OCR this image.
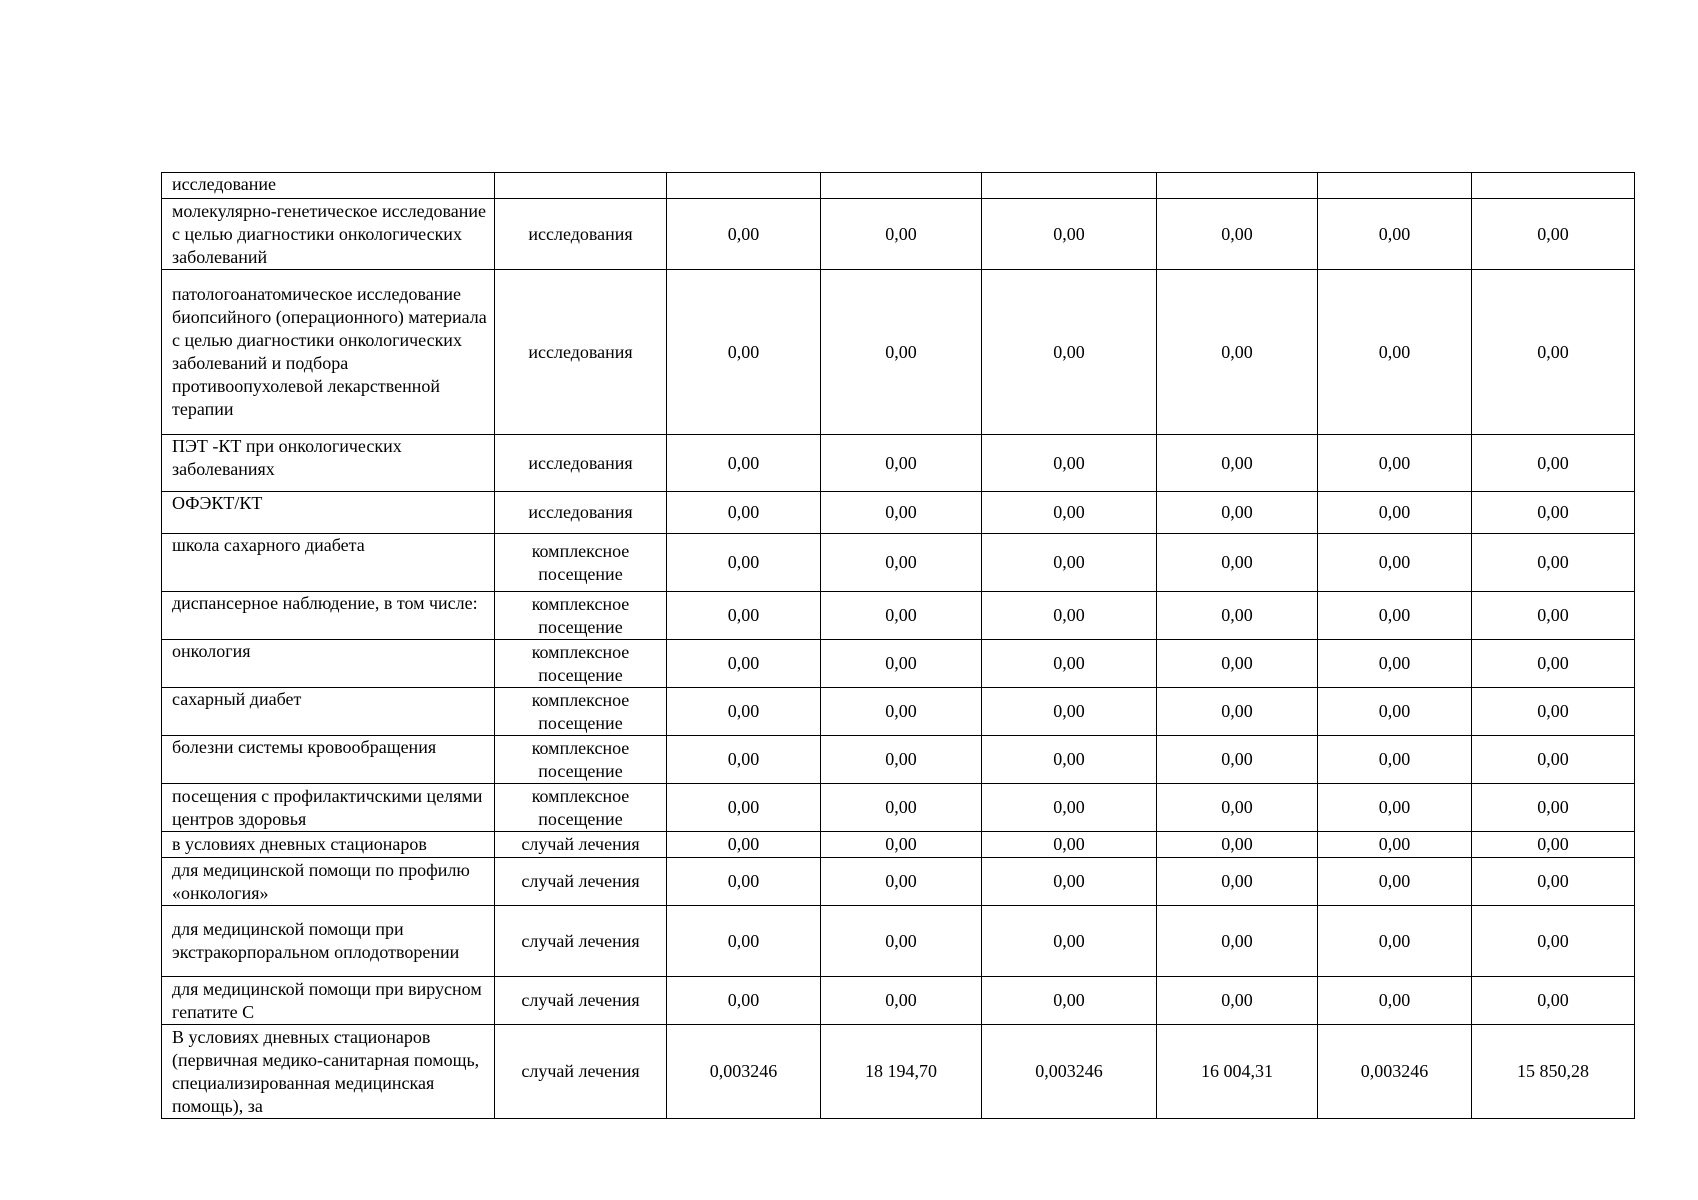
исследование							
молекулярно-генетическое исследование с целью диагностики онкологических заболеваний	исследования	0,00	0,00	0,00	0,00	0,00	0,00
патологоанатомическое исследование биопсийного (операционного) материала с целью диагностики онкологических заболеваний и подбора противоопухолевой лекарственной терапии	исследования	0,00	0,00	0,00	0,00	0,00	0,00
ПЭТ -КТ при онкологических заболеваниях	исследования	0,00	0,00	0,00	0,00	0,00	0,00
ОФЭКТ/КТ	исследования	0,00	0,00	0,00	0,00	0,00	0,00
школа сахарного диабета	комплексное посещение	0,00	0,00	0,00	0,00	0,00	0,00
диспансерное наблюдение, в том числе:	комплексное посещение	0,00	0,00	0,00	0,00	0,00	0,00
онкология	комплексное посещение	0,00	0,00	0,00	0,00	0,00	0,00
сахарный диабет	комплексное посещение	0,00	0,00	0,00	0,00	0,00	0,00
болезни системы кровообращения	комплексное посещение	0,00	0,00	0,00	0,00	0,00	0,00
посещения с профилактичскими целями центров здоровья	комплексное посещение	0,00	0,00	0,00	0,00	0,00	0,00
в условиях дневных стационаров	случай лечения	0,00	0,00	0,00	0,00	0,00	0,00
для медицинской помощи по профилю «онкология»	случай лечения	0,00	0,00	0,00	0,00	0,00	0,00
для медицинской помощи при экстракорпоральном оплодотворении	случай лечения	0,00	0,00	0,00	0,00	0,00	0,00
для медицинской помощи при вирусном гепатите С	случай лечения	0,00	0,00	0,00	0,00	0,00	0,00
В условиях дневных стационаров (первичная медико-санитарная помощь, специализированная медицинская помощь), за	случай лечения	0,003246	18 194,70	0,003246	16 004,31	0,003246	15 850,28
